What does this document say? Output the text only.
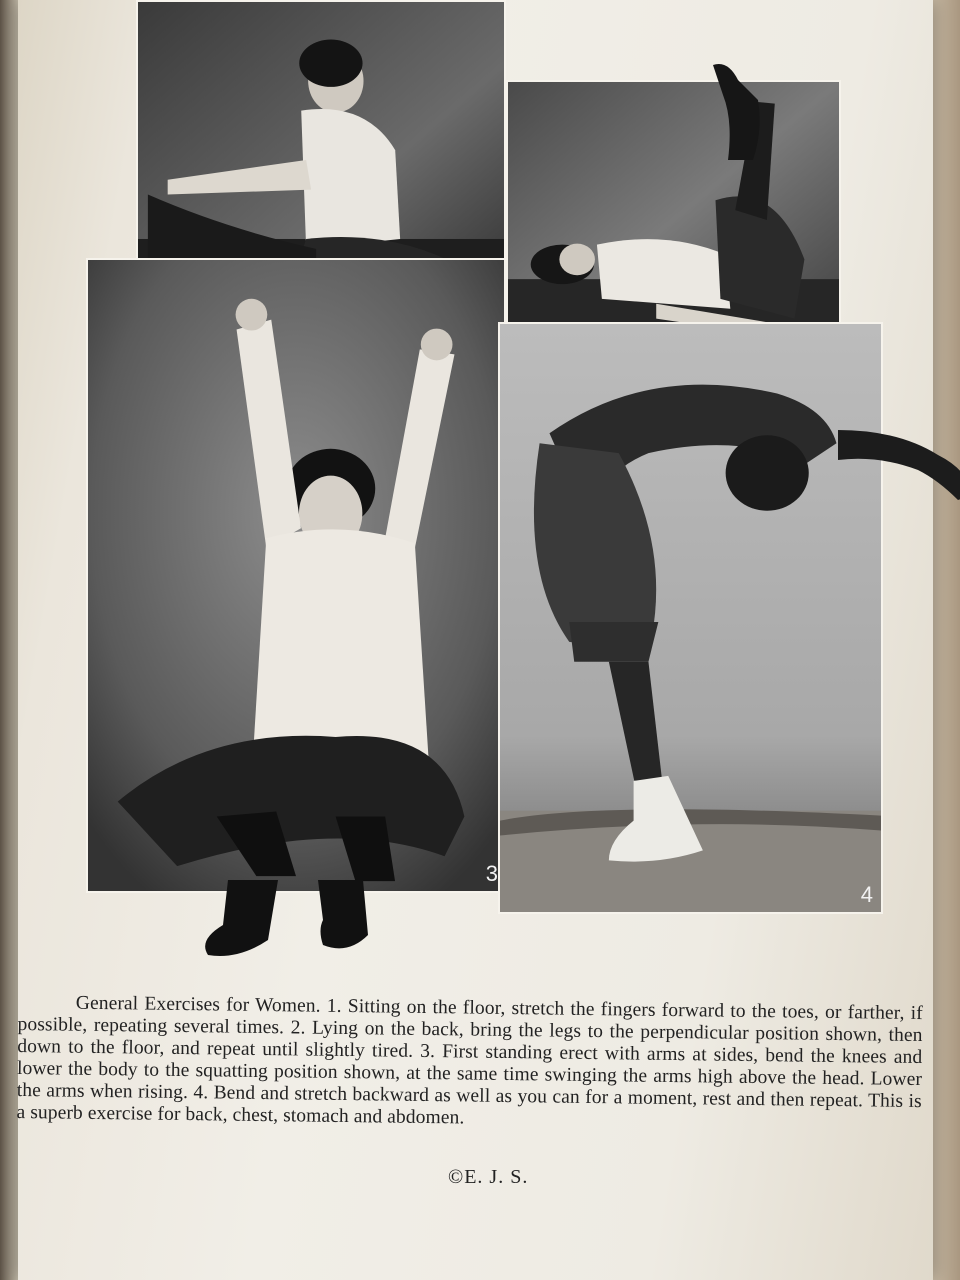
3
4

General Exercises for Women. 1. Sitting on the floor, stretch the fingers forward to the toes, or farther, if possible, repeating several times. 2. Lying on the back, bring the legs to the perpendicular position shown, then down to the floor, and repeat until slightly tired. 3. First standing erect with arms at sides, bend the knees and lower the body to the squatting position shown, at the same time swinging the arms high above the head. Lower the arms when rising. 4. Bend and stretch backward as well as you can for a moment, rest and then repeat. This is a superb exercise for back, chest, stomach and abdomen.

©E. J. S.
